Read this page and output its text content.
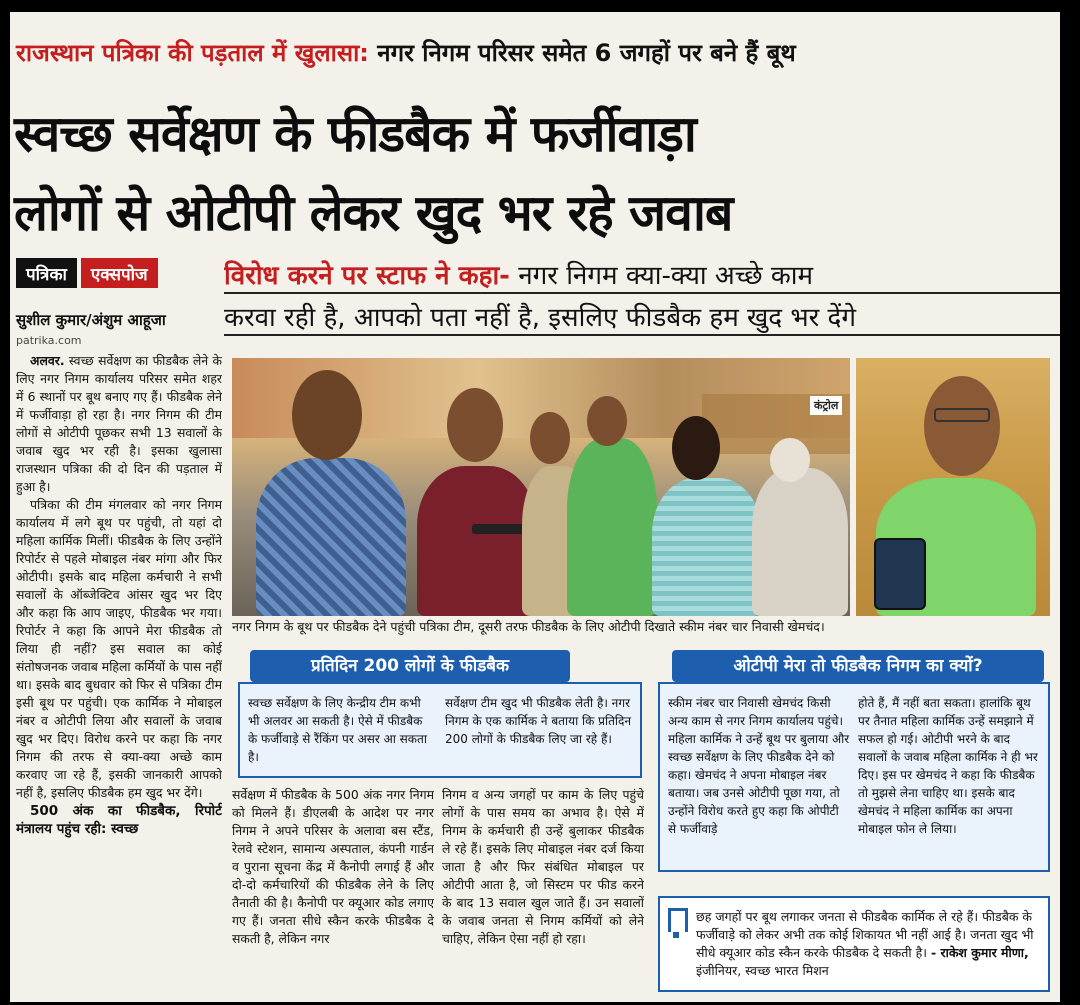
राजस्थान पत्रिका की पड़ताल में खुलासा: नगर निगम परिसर समेत 6 जगहों पर बने हैं बूथ
स्वच्छ सर्वेक्षण के फीडबैक में फर्जीवाड़ा
लोगों से ओटीपी लेकर खुद भर रहे जवाब
पत्रिका	एक्सपोज	विरोध करने पर स्टाफ ने कहा- नगर निगम क्या-क्या अच्छे काम
करवा रही है, आपको पता नहीं है, इसलिए फीडबैक हम खुद भर देंगे
सुशील कुमार/अंशुम आहूजा
patrika.com

अलवर. स्वच्छ सर्वेक्षण का फीडबैक लेने के लिए नगर निगम कार्यालय परिसर समेत शहर में 6 स्थानों पर बूथ बनाए गए हैं। फीडबैक लेने में फर्जीवाड़ा हो रहा है। नगर निगम की टीम लोगों से ओटीपी पूछकर सभी 13 सवालों के जवाब खुद भर रही है। इसका खुलासा राजस्थान पत्रिका की दो दिन की पड़ताल में हुआ है।

पत्रिका की टीम मंगलवार को नगर निगम कार्यालय में लगे बूथ पर पहुंची, तो यहां दो महिला कार्मिक मिलीं। फीडबैक के लिए उन्होंने रिपोर्टर से पहले मोबाइल नंबर मांगा और फिर ओटीपी। इसके बाद महिला कर्मचारी ने सभी सवालों के ऑब्जेक्टिव आंसर खुद भर दिए और कहा कि आप जाइए, फीडबैक भर गया। रिपोर्टर ने कहा कि आपने मेरा फीडबैक तो लिया ही नहीं? इस सवाल का कोई संतोषजनक जवाब महिला कर्मियों के पास नहीं था। इसके बाद बुधवार को फिर से पत्रिका टीम इसी बूथ पर पहुंची। एक कार्मिक ने मोबाइल नंबर व ओटीपी लिया और सवालों के जवाब खुद भर दिए। विरोध करने पर कहा कि नगर निगम की तरफ से क्या-क्या अच्छे काम करवाए जा रहे हैं, इसकी जानकारी आपको नहीं है, इसलिए फीडबैक हम खुद भर देंगे।

500 अंक का फीडबैक, रिपोर्ट मंत्रालय पहुंच रही: स्वच्छ

कंट्रोल
नगर निगम के बूथ पर फीडबैक देने पहुंची पत्रिका टीम, दूसरी तरफ फीडबैक के लिए ओटीपी दिखाते स्कीम नंबर चार निवासी खेमचंद।
प्रतिदिन 200 लोगों के फीडबैक
स्वच्छ सर्वेक्षण के लिए केन्द्रीय टीम कभी भी अलवर आ सकती है। ऐसे में फीडबैक के फर्जीवाड़े से रैंकिंग पर असर आ सकता है।
सर्वेक्षण टीम खुद भी फीडबैक लेती है। नगर निगम के एक कार्मिक ने बताया कि प्रतिदिन 200 लोगों के फीडबैक लिए जा रहे हैं।
ओटीपी मेरा तो फीडबैक निगम का क्यों?
स्कीम नंबर चार निवासी खेमचंद किसी अन्य काम से नगर निगम कार्यालय पहुंचे। महिला कार्मिक ने उन्हें बूथ पर बुलाया और स्वच्छ सर्वेक्षण के लिए फीडबैक देने को कहा। खेमचंद ने अपना मोबाइल नंबर बताया। जब उनसे ओटीपी पूछा गया, तो उन्होंने विरोध करते हुए कहा कि ओपीटी से फर्जीवाड़े
होते हैं, मैं नहीं बता सकता। हालांकि बूथ पर तैनात महिला कार्मिक उन्हें समझाने में सफल हो गई। ओटीपी भरने के बाद सवालों के जवाब महिला कार्मिक ने ही भर दिए। इस पर खेमचंद ने कहा कि फीडबैक तो मुझसे लेना चाहिए था। इसके बाद खेमचंद ने महिला कार्मिक का अपना मोबाइल फोन ले लिया।
सर्वेक्षण में फीडबैक के 500 अंक नगर निगम को मिलने हैं। डीएलबी के आदेश पर नगर निगम ने अपने परिसर के अलावा बस स्टैंड, रेलवे स्टेशन, सामान्य अस्पताल, कंपनी गार्डन व पुराना सूचना केंद्र में कैनोपी लगाई हैं और दो-दो कर्मचारियों की फीडबैक लेने के लिए तैनाती की है। कैनोपी पर क्यूआर कोड लगाए गए हैं। जनता सीधे स्कैन करके फीडबैक दे सकती है, लेकिन नगर
निगम व अन्य जगहों पर काम के लिए पहुंचे लोगों के पास समय का अभाव है। ऐसे में निगम के कर्मचारी ही उन्हें बुलाकर फीडबैक ले रहे हैं। इसके लिए मोबाइल नंबर दर्ज किया जाता है और फिर संबंधित मोबाइल पर ओटीपी आता है, जो सिस्टम पर फीड करने के बाद 13 सवाल खुल जाते हैं। उन सवालों के जवाब जनता से निगम कर्मियों को लेने चाहिए, लेकिन ऐसा नहीं हो रहा।
छह जगहों पर बूथ लगाकर जनता से फीडबैक कार्मिक ले रहे हैं। फीडबैक के फर्जीवाड़े को लेकर अभी तक कोई शिकायत भी नहीं आई है। जनता खुद भी सीधे क्यूआर कोड स्कैन करके फीडबैक दे सकती है। - राकेश कुमार मीणा, इंजीनियर, स्वच्छ भारत मिशन
